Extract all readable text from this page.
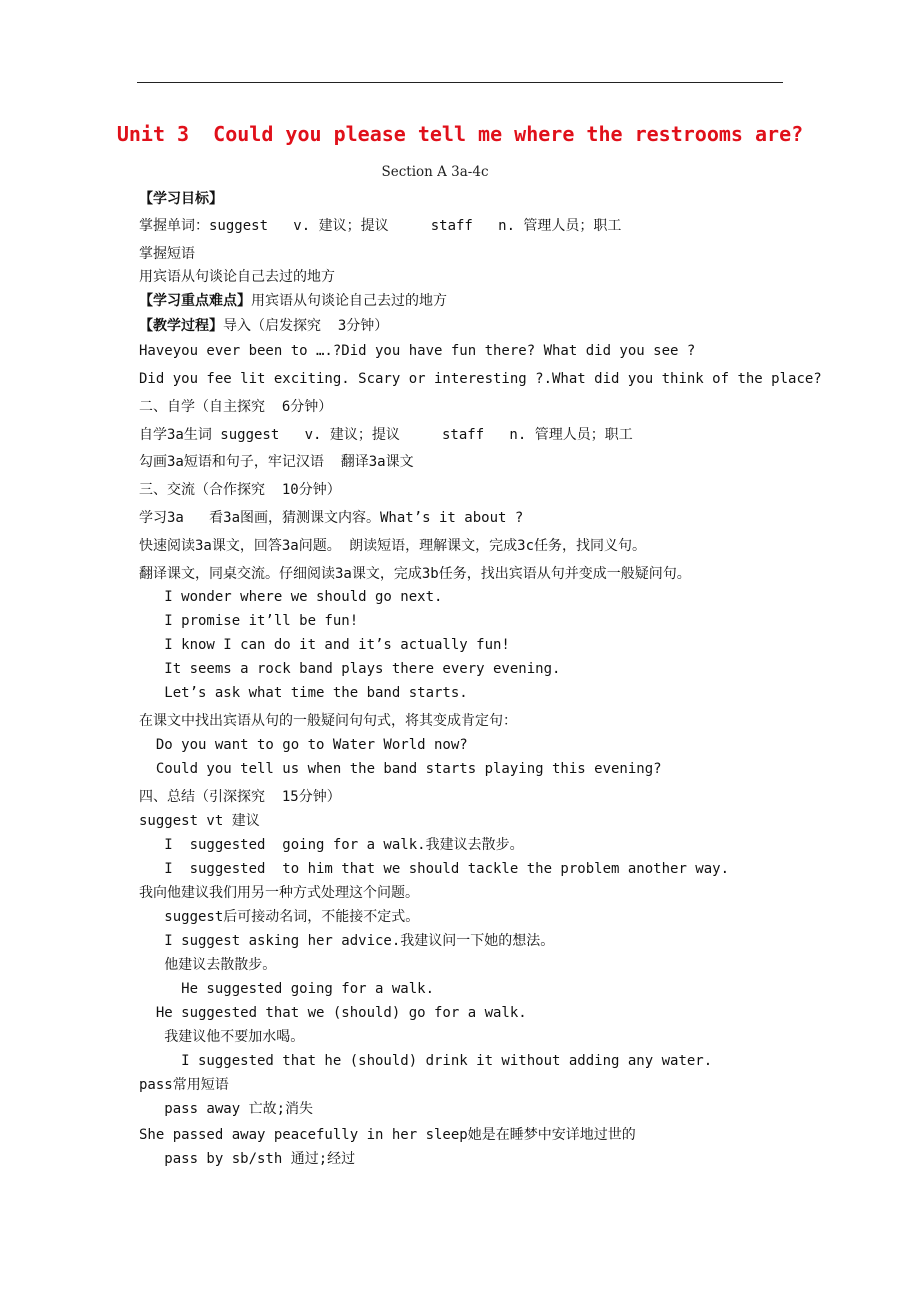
Unit 3  Could you please tell me where the restrooms are?
Section A 3a-4c
【学习目标】
掌握单词：suggest   v. 建议；提议     staff   n. 管理人员；职工
掌握短语
用宾语从句谈论自己去过的地方
【学习重点难点】用宾语从句谈论自己去过的地方
【教学过程】导入（启发探究  3分钟）
Haveyou ever been to ….?Did you have fun there? What did you see ?
Did you fee lit exciting. Scary or interesting ?.What did you think of the place?
二、自学（自主探究  6分钟）
自学3a生词 suggest   v. 建议；提议     staff   n. 管理人员；职工
勾画3a短语和句子，牢记汉语  翻译3a课文
三、交流（合作探究  10分钟）
学习3a   看3a图画，猜测课文内容。What’s it about ?
快速阅读3a课文，回答3a问题。 朗读短语，理解课文，完成3c任务，找同义句。
翻译课文，同桌交流。仔细阅读3a课文，完成3b任务，找出宾语从句并变成一般疑问句。
I wonder where we should go next.
I promise it’ll be fun!
I know I can do it and it’s actually fun!
It seems a rock band plays there every evening.
Let’s ask what time the band starts.
在课文中找出宾语从句的一般疑问句句式，将其变成肯定句：
Do you want to go to Water World now?
Could you tell us when the band starts playing this evening?
四、总结（引深探究  15分钟）
suggest vt 建议
I  suggested  going for a walk.我建议去散步。
I  suggested  to him that we should tackle the problem another way.
我向他建议我们用另一种方式处理这个问题。
suggest后可接动名词，不能接不定式。
I suggest asking her advice.我建议问一下她的想法。
他建议去散散步。
He suggested going for a walk.
He suggested that we (should) go for a walk.
我建议他不要加水喝。
I suggested that he (should) drink it without adding any water.
pass常用短语
pass away 亡故;消失
She passed away peacefully in her sleep她是在睡梦中安详地过世的
pass by sb/sth 通过;经过
